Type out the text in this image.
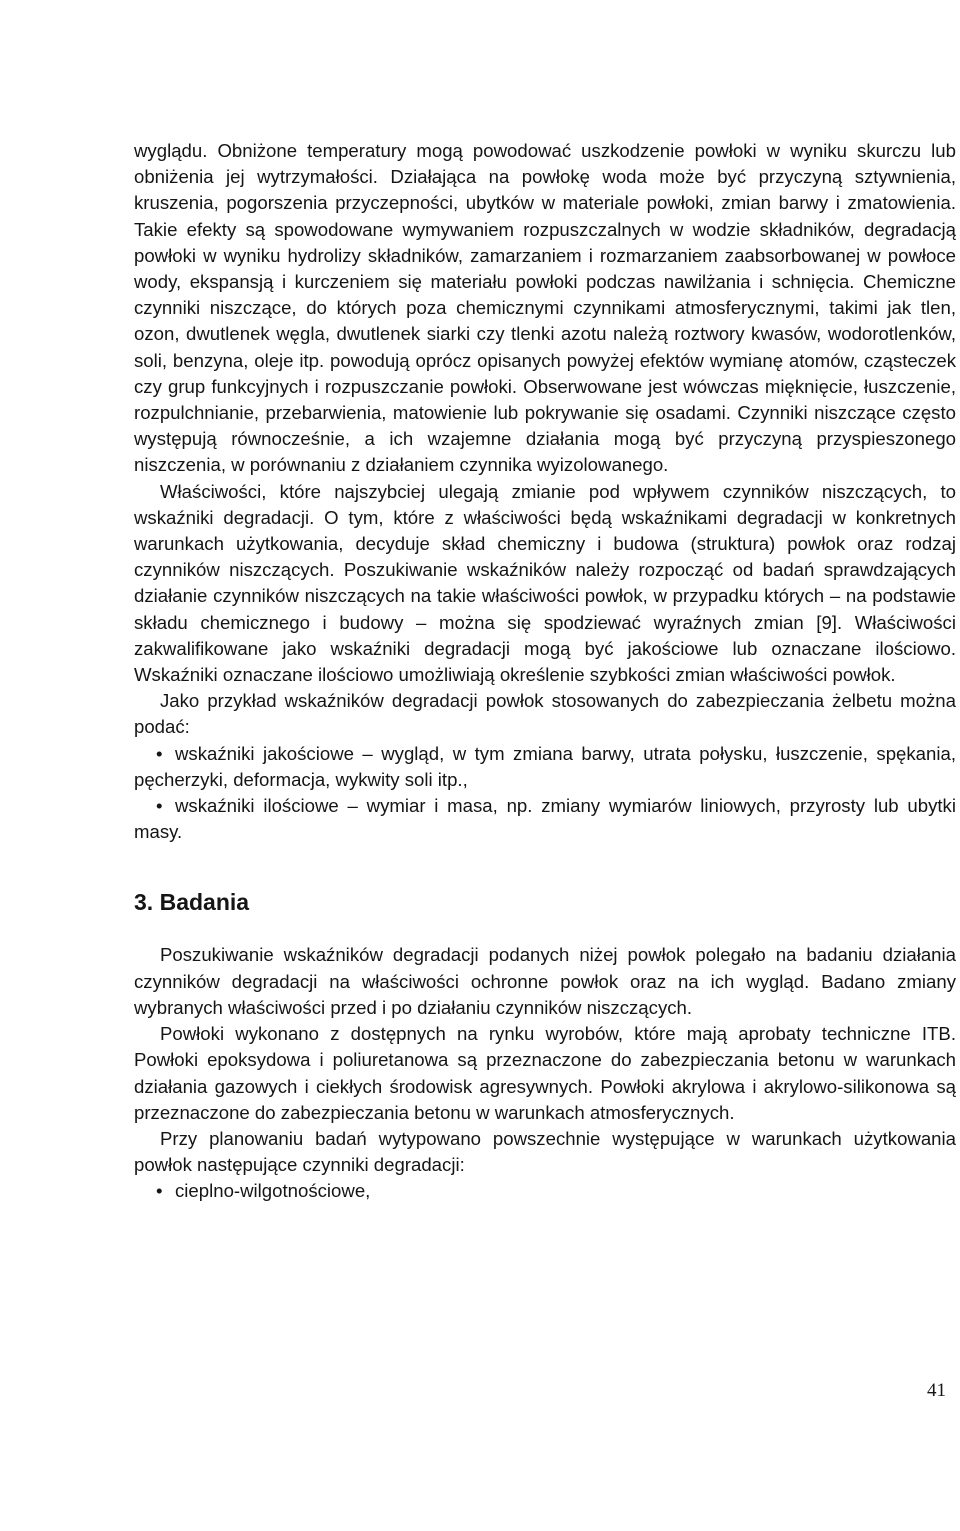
wyglądu. Obniżone temperatury mogą powodować uszkodzenie powłoki w wyniku skurczu lub obniżenia jej wytrzymałości. Działająca na powłokę woda może być przyczyną sztywnienia, kruszenia, pogorszenia przyczepności, ubytków w materiale powłoki, zmian barwy i zmatowienia. Takie efekty są spowodowane wymywaniem rozpuszczalnych w wodzie składników, degradacją powłoki w wyniku hydrolizy składników, zamarzaniem i rozmarzaniem zaabsorbowanej w powłoce wody, ekspansją i kurczeniem się materiału powłoki podczas nawilżania i schnięcia. Chemiczne czynniki niszczące, do których poza chemicznymi czynnikami atmosferycznymi, takimi jak tlen, ozon, dwutlenek węgla, dwutlenek siarki czy tlenki azotu należą roztwory kwasów, wodorotlenków, soli, benzyna, oleje itp. powodują oprócz opisanych powyżej efektów wymianę atomów, cząsteczek czy grup funkcyjnych i rozpuszczanie powłoki. Obserwowane jest wówczas mięknięcie, łuszczenie, rozpulchnianie, przebarwienia, matowienie lub pokrywanie się osadami. Czynniki niszczące często występują równocześnie, a ich wzajemne działania mogą być przyczyną przyspieszonego niszczenia, w porównaniu z działaniem czynnika wyizolowanego.

Właściwości, które najszybciej ulegają zmianie pod wpływem czynników niszczących, to wskaźniki degradacji. O tym, które z właściwości będą wskaźnikami degradacji w konkretnych warunkach użytkowania, decyduje skład chemiczny i budowa (struktura) powłok oraz rodzaj czynników niszczących. Poszukiwanie wskaźników należy rozpocząć od badań sprawdzających działanie czynników niszczących na takie właściwości powłok, w przypadku których – na podstawie składu chemicznego i budowy – można się spodziewać wyraźnych zmian [9]. Właściwości zakwalifikowane jako wskaźniki degradacji mogą być jakościowe lub oznaczane ilościowo. Wskaźniki oznaczane ilościowo umożliwiają określenie szybkości zmian właściwości powłok.

Jako przykład wskaźników degradacji powłok stosowanych do zabezpieczania żelbetu można podać:

• wskaźniki jakościowe – wygląd, w tym zmiana barwy, utrata połysku, łuszczenie, spękania, pęcherzyki, deformacja, wykwity soli itp.,

• wskaźniki ilościowe – wymiar i masa, np. zmiany wymiarów liniowych, przyrosty lub ubytki masy.

3. Badania

Poszukiwanie wskaźników degradacji podanych niżej powłok polegało na badaniu działania czynników degradacji na właściwości ochronne powłok oraz na ich wygląd. Badano zmiany wybranych właściwości przed i po działaniu czynników niszczących.

Powłoki wykonano z dostępnych na rynku wyrobów, które mają aprobaty techniczne ITB. Powłoki epoksydowa i poliuretanowa są przeznaczone do zabezpieczania betonu w warunkach działania gazowych i ciekłych środowisk agresywnych. Powłoki akrylowa i akrylowo-silikonowa są przeznaczone do zabezpieczania betonu w warunkach atmosferycznych.

Przy planowaniu badań wytypowano powszechnie występujące w warunkach użytkowania powłok następujące czynniki degradacji:

• cieplno-wilgotnościowe,

41
